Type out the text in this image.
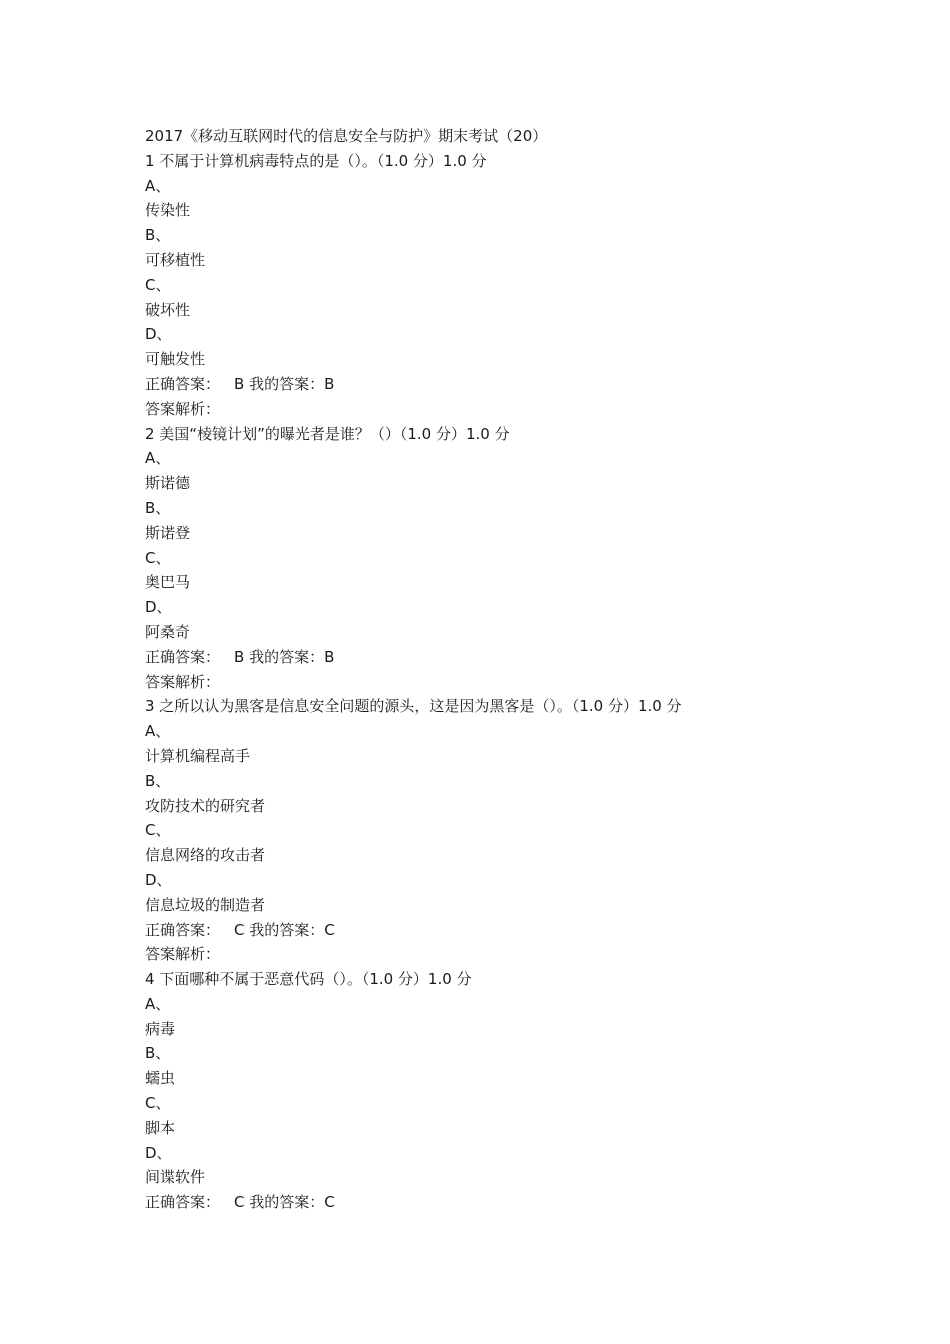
2017《移动互联网时代的信息安全与防护》期末考试（20）
1 不属于计算机病毒特点的是（）。（1.0 分）1.0 分
A、
传染性
B、
可移植性
C、
破坏性
D、
可触发性
正确答案： B 我的答案：B
答案解析：
2 美国“棱镜计划”的曝光者是谁？（）（1.0 分）1.0 分
A、
斯诺德
B、
斯诺登
C、
奥巴马
D、
阿桑奇
正确答案： B 我的答案：B
答案解析：
3 之所以认为黑客是信息安全问题的源头，这是因为黑客是（）。（1.0 分）1.0 分
A、
计算机编程高手
B、
攻防技术的研究者
C、
信息网络的攻击者
D、
信息垃圾的制造者
正确答案： C 我的答案：C
答案解析：
4 下面哪种不属于恶意代码（）。（1.0 分）1.0 分
A、
病毒
B、
蠕虫
C、
脚本
D、
间谍软件
正确答案： C 我的答案：C
